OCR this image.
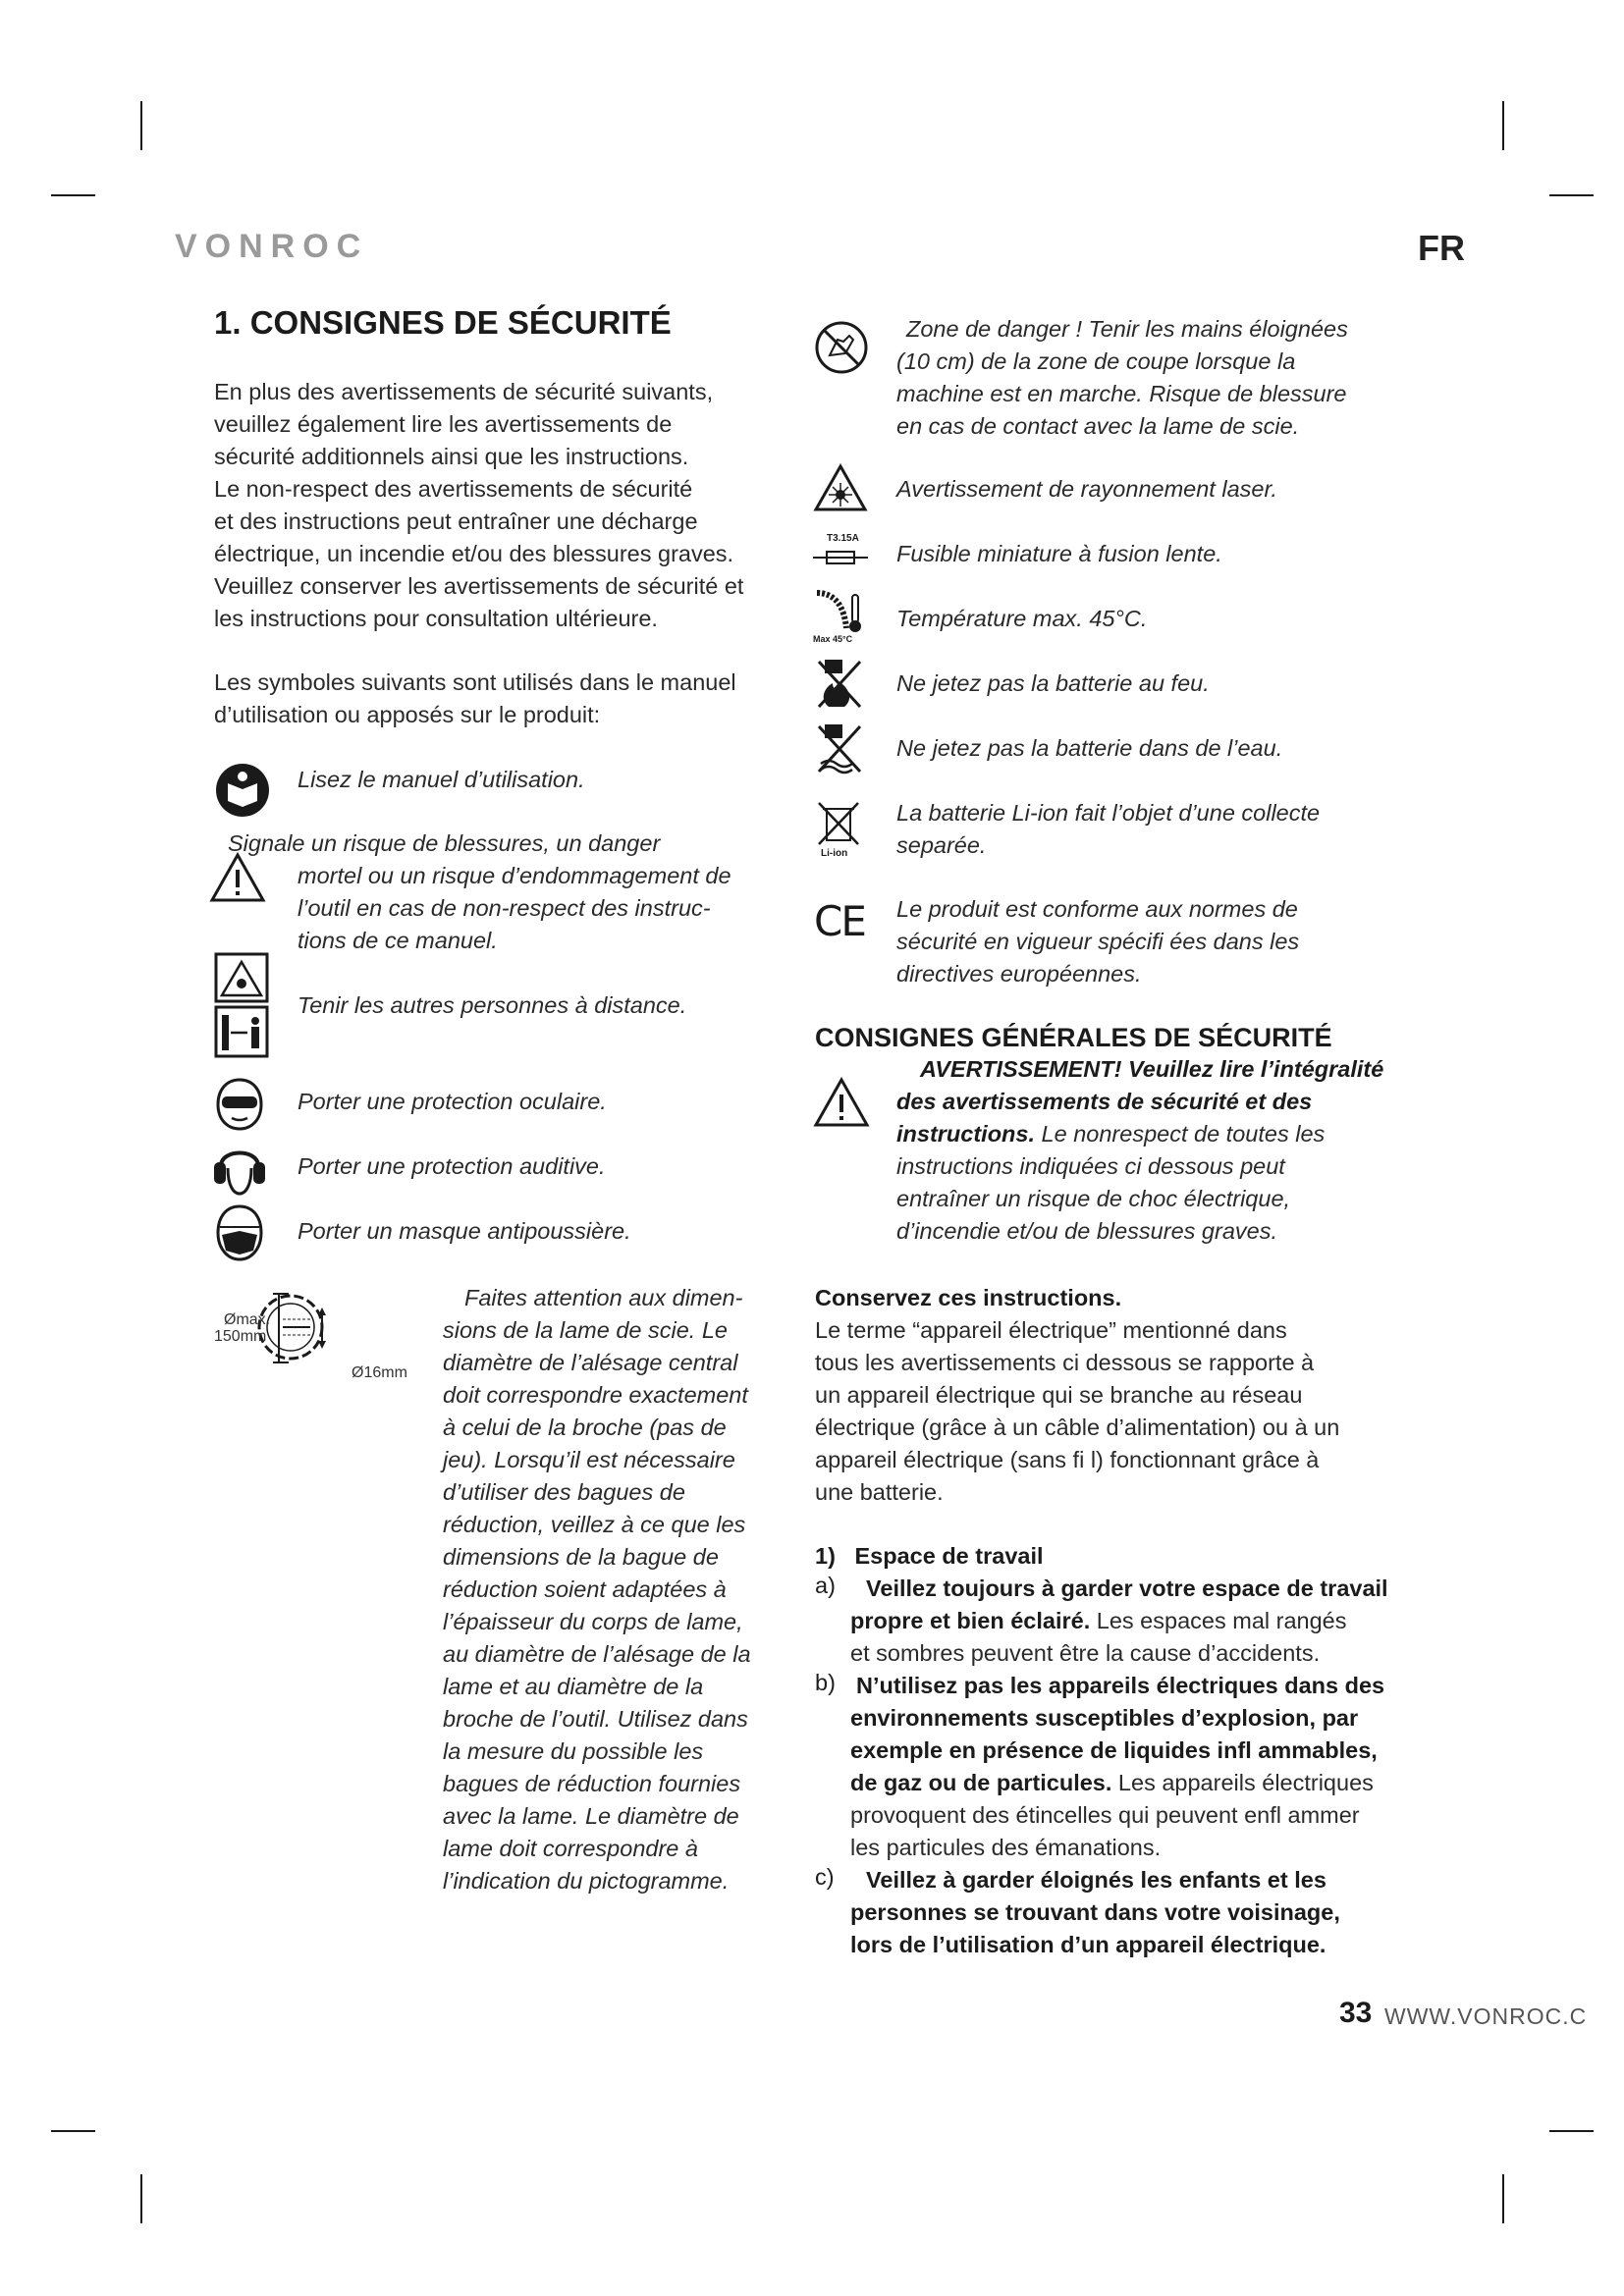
VONROC	FR
1. CONSIGNES DE SÉCURITÉ
En plus des avertissements de sécurité suivants,
veuillez également lire les avertissements de
sécurité additionnels ainsi que les instructions.
Le non-respect des avertissements de sécurité
et des instructions peut entraîner une décharge
électrique, un incendie et/ou des blessures graves.
Veuillez conserver les avertissements de sécurité et
les instructions pour consultation ultérieure.
Les symboles suivants sont utilisés dans le manuel
d’utilisation ou apposés sur le produit:
Lisez le manuel d’utilisation.
Signale un risque de blessures, un danger
mortel ou un risque d’endommagement de
l’outil en cas de non-respect des instruc-
tions de ce manuel.
Tenir les autres personnes à distance.
Porter une protection oculaire.
Porter une protection auditive.
Porter un masque antipoussière.
Ømax.
150mm
Ø16mm
Faites attention aux dimen-
sions de la lame de scie. Le
diamètre de l’alésage central
doit correspondre exactement
à celui de la broche (pas de
jeu). Lorsqu’il est nécessaire
d’utiliser des bagues de
réduction, veillez à ce que les
dimensions de la bague de
réduction soient adaptées à
l’épaisseur du corps de lame,
au diamètre de l’alésage de la
lame et au diamètre de la
broche de l’outil. Utilisez dans
la mesure du possible les
bagues de réduction fournies
avec la lame. Le diamètre de
lame doit correspondre à
l’indication du pictogramme.
Zone de danger ! Tenir les mains éloignées
(10 cm) de la zone de coupe lorsque la
machine est en marche. Risque de blessure
en cas de contact avec la lame de scie.
Avertissement de rayonnement laser.
T3.15A
Fusible miniature à fusion lente.
Max 45°C
Température max. 45°C.
Ne jetez pas la batterie au feu.
Ne jetez pas la batterie dans de l’eau.
Li-ion
La batterie Li-ion fait l’objet d’une collecte
separée.
CE Le produit est conforme aux normes de
sécurité en vigueur spécifi ées dans les
directives européennes.
CONSIGNES GÉNÉRALES DE SÉCURITÉ
AVERTISSEMENT! Veuillez lire l’intégralité
des avertissements de sécurité et des
instructions. Le nonrespect de toutes les
instructions indiquées ci dessous peut
entraîner un risque de choc électrique,
d’incendie et/ou de blessures graves.
Conservez ces instructions.
Le terme “appareil électrique” mentionné dans
tous les avertissements ci dessous se rapporte à
un appareil électrique qui se branche au réseau
électrique (grâce à un câble d’alimentation) ou à un
appareil électrique (sans fi l) fonctionnant grâce à
une batterie.
1)   Espace de travail
a)	Veillez toujours à garder votre espace de travail
propre et bien éclairé. Les espaces mal rangés
et sombres peuvent être la cause d’accidents.
b) N’utilisez pas les appareils électriques dans des
environnements susceptibles d’explosion, par
exemple en présence de liquides infl ammables,
de gaz ou de particules. Les appareils électriques
provoquent des étincelles qui peuvent enfl ammer
les particules des émanations.
c)	Veillez à garder éloignés les enfants et les
personnes se trouvant dans votre voisinage,
lors de l’utilisation d’un appareil électrique.
33 WWW.VONROC.C
